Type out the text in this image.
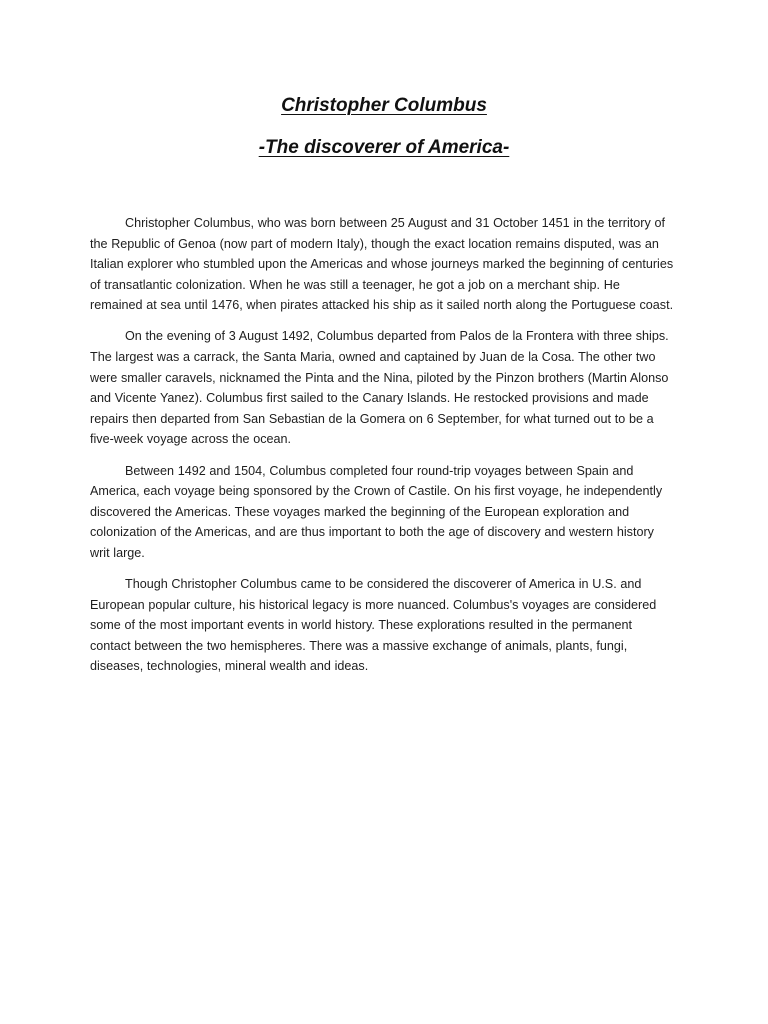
Christopher Columbus
-The discoverer of America-

Christopher Columbus, who was born between 25 August and 31 October 1451 in the territory of the Republic of Genoa (now part of modern Italy), though the exact location remains disputed, was an Italian explorer who stumbled upon the Americas and whose journeys marked the beginning of centuries of transatlantic colonization. When he was still a teenager, he got a job on a merchant ship. He remained at sea until 1476, when pirates attacked his ship as it sailed north along the Portuguese coast.

On the evening of 3 August 1492, Columbus departed from Palos de la Frontera with three ships. The largest was a carrack, the Santa Maria, owned and captained by Juan de la Cosa. The other two were smaller caravels, nicknamed the Pinta and the Nina, piloted by the Pinzon brothers (Martin Alonso and Vicente Yanez). Columbus first sailed to the Canary Islands. He restocked provisions and made repairs then departed from San Sebastian de la Gomera on 6 September, for what turned out to be a five-week voyage across the ocean.

Between 1492 and 1504, Columbus completed four round-trip voyages between Spain and America, each voyage being sponsored by the Crown of Castile. On his first voyage, he independently discovered the Americas. These voyages marked the beginning of the European exploration and colonization of the Americas, and are thus important to both the age of discovery and western history writ large.

Though Christopher Columbus came to be considered the discoverer of America in U.S. and European popular culture, his historical legacy is more nuanced. Columbus's voyages are considered some of the most important events in world history. These explorations resulted in the permanent contact between the two hemispheres. There was a massive exchange of animals, plants, fungi, diseases, technologies, mineral wealth and ideas.
